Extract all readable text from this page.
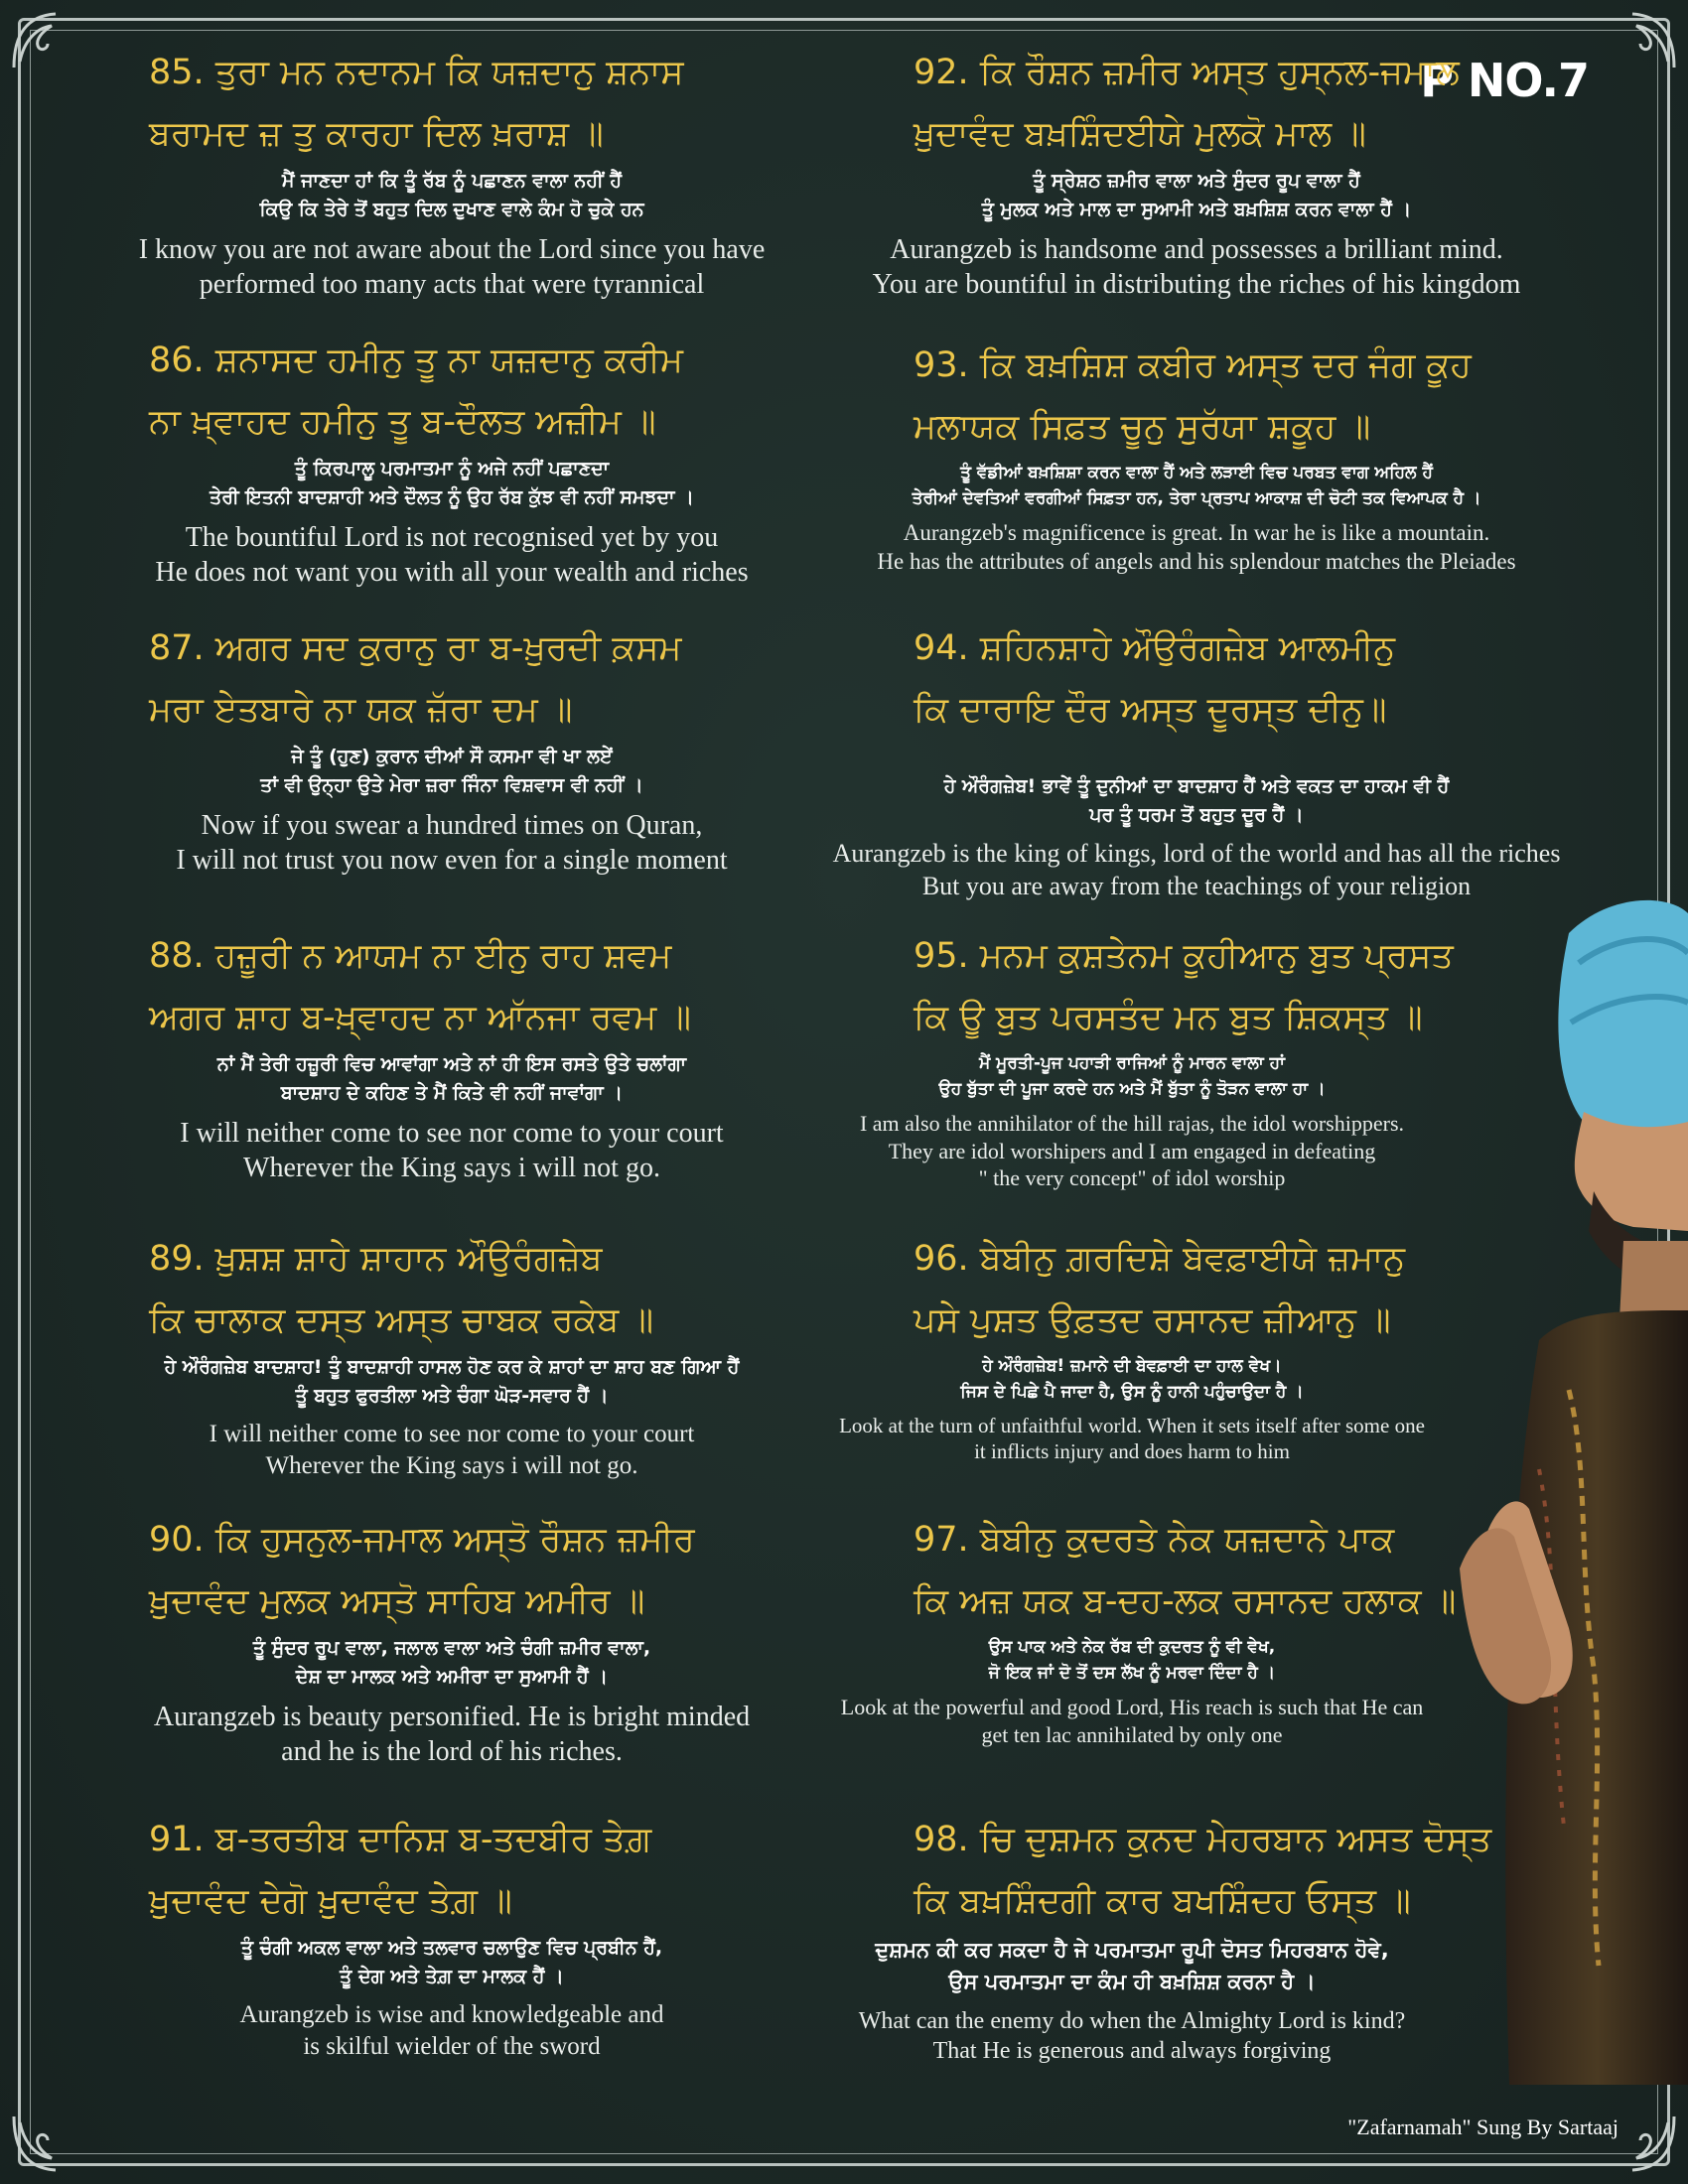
P NO.7
85. ਤੁਰਾ ਮਨ ਨਦਾਨਮ ਕਿ ਯਜ਼ਦਾਨੁ ਸ਼ਨਾਸ
ਬਰਾਮਦ ਜ਼ ਤੁ ਕਾਰਹਾ ਦਿਲ ਖ਼ਰਾਸ਼ ॥
ਮੈਂ ਜਾਣਦਾ ਹਾਂ ਕਿ ਤੂੰ ਰੱਬ ਨੂੰ ਪਛਾਣਨ ਵਾਲਾ ਨਹੀਂ ਹੈਂ
ਕਿਉ ਕਿ ਤੇਰੇ ਤੋਂ ਬਹੁਤ ਦਿਲ ਦੁਖਾਣ ਵਾਲੇ ਕੰਮ ਹੋ ਚੁਕੇ ਹਨ
I know you are not aware about the Lord since you have
performed too many acts that were tyrannical
86. ਸ਼ਨਾਸਦ ਹਮੀਨੁ ਤੂ ਨਾ ਯਜ਼ਦਾਨੁ ਕਰੀਮ
ਨਾ ਖ਼੍ਵਾਹਦ ਹਮੀਨੁ ਤੂ ਬ-ਦੌਲਤ ਅਜ਼ੀਮ ॥
ਤੂੰ ਕਿਰਪਾਲੂ ਪਰਮਾਤਮਾ ਨੂੰ ਅਜੇ ਨਹੀਂ ਪਛਾਣਦਾ
ਤੇਰੀ ਇਤਨੀ ਬਾਦਸ਼ਾਹੀ ਅਤੇ ਦੌਲਤ ਨੂੰ ਉਹ ਰੱਬ ਕੁੱਝ ਵੀ ਨਹੀਂ ਸਮਝਦਾ ।
The bountiful Lord is not recognised yet by you
He does not want you with all your wealth and riches
87. ਅਗਰ ਸਦ ਕੁਰਾਨੁ ਰਾ ਬ-ਖ਼ੁਰਦੀ ਕ਼ਸਮ
ਮਰਾ ਏਤਬਾਰੇ ਨਾ ਯਕ ਜ਼ੱਰਾ ਦਮ ॥
ਜੇ ਤੂੰ (ਹੁਣ) ਕੁਰਾਨ ਦੀਆਂ ਸੌ ਕਸਮਾ ਵੀ ਖਾ ਲਏਂ
ਤਾਂ ਵੀ ਉਨ੍ਹਾ ਉਤੇ ਮੇਰਾ ਜ਼ਰਾ ਜਿੰਨਾ ਵਿਸ਼ਵਾਸ ਵੀ ਨਹੀਂ ।
Now if you swear a hundred times on Quran,
I will not trust you now even for a single moment
88. ਹਜ਼ੂਰੀ ਨ ਆਯਮ ਨਾ ਈਨੁ ਰਾਹ ਸ਼ਵਮ
ਅਗਰ ਸ਼ਾਹ ਬ-ਖ਼੍ਵਾਹਦ ਨਾ ਆੱਨਜਾ ਰਵਮ ॥
ਨਾਂ ਮੈਂ ਤੇਰੀ ਹਜ਼ੂਰੀ ਵਿਚ ਆਵਾਂਗਾ ਅਤੇ ਨਾਂ ਹੀ ਇਸ ਰਸਤੇ ਉਤੇ ਚਲਾਂਗਾ
ਬਾਦਸ਼ਾਹ ਦੇ ਕਹਿਣ ਤੇ ਮੈਂ ਕਿਤੇ ਵੀ ਨਹੀਂ ਜਾਵਾਂਗਾ ।
I will neither come to see nor come to your court
Wherever the King says i will not go.
89. ਖ਼ੁਸ਼ਸ਼ ਸ਼ਾਹੇ ਸ਼ਾਹਾਨ ਔਉਰੰਗਜ਼ੇਬ
ਕਿ ਚਾਲਾਕ ਦਸ੍ਤ ਅਸ੍ਤ ਚਾਬਕ ਰਕੇਬ ॥
ਹੇ ਔਰੰਗਜ਼ੇਬ ਬਾਦਸ਼ਾਹ! ਤੂੰ ਬਾਦਸ਼ਾਹੀ ਹਾਸਲ ਹੋਣ ਕਰ ਕੇ ਸ਼ਾਹਾਂ ਦਾ ਸ਼ਾਹ ਬਣ ਗਿਆ ਹੈਂ
ਤੂੰ ਬਹੁਤ ਫੁਰਤੀਲਾ ਅਤੇ ਚੰਗਾ ਘੋੜ-ਸਵਾਰ ਹੈਂ ।
I will neither come to see nor come to your court
Wherever the King says i will not go.
90. ਕਿ ਹੁਸਨੁਲ-ਜਮਾਲ ਅਸ੍ਤੋ ਰੌਸ਼ਨ ਜ਼ਮੀਰ
ਖ਼ੁਦਾਵੰਦ ਮੁਲਕ ਅਸ੍ਤੋ ਸਾਹਿਬ ਅਮੀਰ ॥
ਤੂੰ ਸੁੰਦਰ ਰੂਪ ਵਾਲਾ, ਜਲਾਲ ਵਾਲਾ ਅਤੇ ਚੰਗੀ ਜ਼ਮੀਰ ਵਾਲਾ,
ਦੇਸ਼ ਦਾ ਮਾਲਕ ਅਤੇ ਅਮੀਰਾ ਦਾ ਸੁਆਮੀ ਹੈਂ ।
Aurangzeb is beauty personified. He is bright minded
and he is the lord of his riches.
91. ਬ-ਤਰਤੀਬ ਦਾਨਿਸ਼ ਬ-ਤਦਬੀਰ ਤੇਗ਼
ਖ਼ੁਦਾਵੰਦ ਦੇਗੋ ਖ਼ੁਦਾਵੰਦ ਤੇਗ਼ ॥
ਤੂੰ ਚੰਗੀ ਅਕਲ ਵਾਲਾ ਅਤੇ ਤਲਵਾਰ ਚਲਾਉਣ ਵਿਚ ਪ੍ਰਬੀਨ ਹੈਂ,
ਤੂੰ ਦੇਗ ਅਤੇ ਤੇਗ਼ ਦਾ ਮਾਲਕ ਹੈਂ ।
Aurangzeb is wise and knowledgeable and
is skilful wielder of the sword
92. ਕਿ ਰੌਸ਼ਨ ਜ਼ਮੀਰ ਅਸ੍ਤ ਹੁਸ੍ਨਲ-ਜਮਾਲ
ਖ਼ੁਦਾਵੰਦ ਬਖ਼ਸ਼ਿੰਦਈਯੇ ਮੁਲਕੋ ਮਾਲ ॥
ਤੂੰ ਸ੍ਰੇਸ਼ਠ ਜ਼ਮੀਰ ਵਾਲਾ ਅਤੇ ਸੁੰਦਰ ਰੂਪ ਵਾਲਾ ਹੈਂ
ਤੂੰ ਮੁਲਕ ਅਤੇ ਮਾਲ ਦਾ ਸੁਆਮੀ ਅਤੇ ਬਖ਼ਸ਼ਿਸ਼ ਕਰਨ ਵਾਲਾ ਹੈਂ ।
Aurangzeb is handsome and possesses a brilliant mind.
You are bountiful in distributing the riches of his kingdom
93. ਕਿ ਬਖ਼ਸ਼ਿਸ਼ ਕਬੀਰ ਅਸ੍ਤ ਦਰ ਜੰਗ ਕੂਹ
ਮਲਾਯਕ ਸਿਫ਼ਤ ਚੂਨੁ ਸੁਰੱਯਾ ਸ਼ਕੂਹ ॥
ਤੂੰ ਵੱਡੀਆਂ ਬਖ਼ਸ਼ਿਸ਼ਾ ਕਰਨ ਵਾਲਾ ਹੈਂ ਅਤੇ ਲੜਾਈ ਵਿਚ ਪਰਬਤ ਵਾਗ ਅਹਿਲ ਹੈਂ
ਤੇਰੀਆਂ ਦੇਵਤਿਆਂ ਵਰਗੀਆਂ ਸਿਫ਼ਤਾ ਹਨ, ਤੇਰਾ ਪ੍ਰਤਾਪ ਆਕਾਸ਼ ਦੀ ਚੋਟੀ ਤਕ ਵਿਆਪਕ ਹੈ ।
Aurangzeb's magnificence is great. In war he is like a mountain.
He has the attributes of angels and his splendour matches the Pleiades
94. ਸ਼ਹਿਨਸ਼ਾਹੇ ਔਉਰੰਗਜ਼ੇਬ ਆਲਮੀਨੁ
ਕਿ ਦਾਰਾਇ ਦੌਰ ਅਸ੍ਤ ਦੂਰਸ੍ਤ ਦੀਨੁ॥
ਹੇ ਔਰੰਗਜ਼ੇਬ! ਭਾਵੇਂ ਤੂੰ ਦੁਨੀਆਂ ਦਾ ਬਾਦਸ਼ਾਹ ਹੈਂ ਅਤੇ ਵਕਤ ਦਾ ਹਾਕਮ ਵੀ ਹੈਂ
ਪਰ ਤੂੰ ਧਰਮ ਤੋਂ ਬਹੁਤ ਦੂਰ ਹੈਂ ।
Aurangzeb is the king of kings, lord of the world and has all the riches
But you are away from the teachings of your religion
95. ਮਨਮ ਕੁਸ਼ਤੇਨਮ ਕੂਹੀਆਨੁ ਬੁਤ ਪ੍ਰਸਤ
ਕਿ ਊ ਬੁਤ ਪਰਸਤੰਦ ਮਨ ਬੁਤ ਸ਼ਿਕਸ੍ਤ ॥
ਮੈਂ ਮੂਰਤੀ-ਪੂਜ ਪਹਾੜੀ ਰਾਜਿਆਂ ਨੂੰ ਮਾਰਨ ਵਾਲਾ ਹਾਂ
ਉਹ ਬੁੱਤਾ ਦੀ ਪੂਜਾ ਕਰਦੇ ਹਨ ਅਤੇ ਮੈਂ ਬੁੱਤਾ ਨੂੰ ਤੋੜਨ ਵਾਲਾ ਹਾ ।
I am also the annihilator of the hill rajas, the idol worshippers.
They are idol worshipers and I am engaged in defeating
" the very concept" of idol worship
96. ਬੇਬੀਨੁ ਗ਼ਰਦਿਸ਼ੇ ਬੇਵਫ਼ਾਈਯੇ ਜ਼ਮਾਨੁ
ਪਸੇ ਪੁਸ਼ਤ ਉਫ਼ਤਦ ਰਸਾਨਦ ਜ਼ੀਆਨੁ ॥
ਹੇ ਔਰੰਗਜ਼ੇਬ! ਜ਼ਮਾਨੇ ਦੀ ਬੇਵਫ਼ਾਈ ਦਾ ਹਾਲ ਵੇਖ।
ਜਿਸ ਦੇ ਪਿਛੇ ਪੈ ਜਾਦਾ ਹੈ, ਉਸ ਨੂੰ ਹਾਨੀ ਪਹੁੰਚਾਉਦਾ ਹੈ ।
Look at the turn of unfaithful world. When it sets itself after some one
it inflicts injury and does harm to him
97. ਬੇਬੀਨੁ ਕੁਦਰਤੇ ਨੇਕ ਯਜ਼ਦਾਨੇ ਪਾਕ
ਕਿ ਅਜ਼ ਯਕ ਬ-ਦਹ-ਲਕ ਰਸਾਨਦ ਹਲਾਕ ॥
ਉਸ ਪਾਕ ਅਤੇ ਨੇਕ ਰੱਬ ਦੀ ਕੁਦਰਤ ਨੂੰ ਵੀ ਵੇਖ,
ਜੋ ਇਕ ਜਾਂ ਦੋ ਤੋਂ ਦਸ ਲੱਖ ਨੂੰ ਮਰਵਾ ਦਿੰਦਾ ਹੈ ।
Look at the powerful and good Lord, His reach is such that He can
get ten lac annihilated by only one
98. ਚਿ ਦੁਸ਼ਮਨ ਕੁਨਦ ਮੇਹਰਬਾਨ ਅਸਤ ਦੋਸ੍ਤ
ਕਿ ਬਖ਼ਸ਼ਿੰਦਗੀ ਕਾਰ ਬਖਸ਼ਿੰਦਹ ਓਸ੍ਤ ॥
ਦੁਸ਼ਮਨ ਕੀ ਕਰ ਸਕਦਾ ਹੈ ਜੇ ਪਰਮਾਤਮਾ ਰੂਪੀ ਦੋਸਤ ਮਿਹਰਬਾਨ ਹੋਵੇ,
ਉਸ ਪਰਮਾਤਮਾ ਦਾ ਕੰਮ ਹੀ ਬਖ਼ਸ਼ਿਸ਼ ਕਰਨਾ ਹੈ ।
What can the enemy do when the Almighty Lord is kind?
That He is generous and always forgiving
"Zafarnamah" Sung By Sartaaj
